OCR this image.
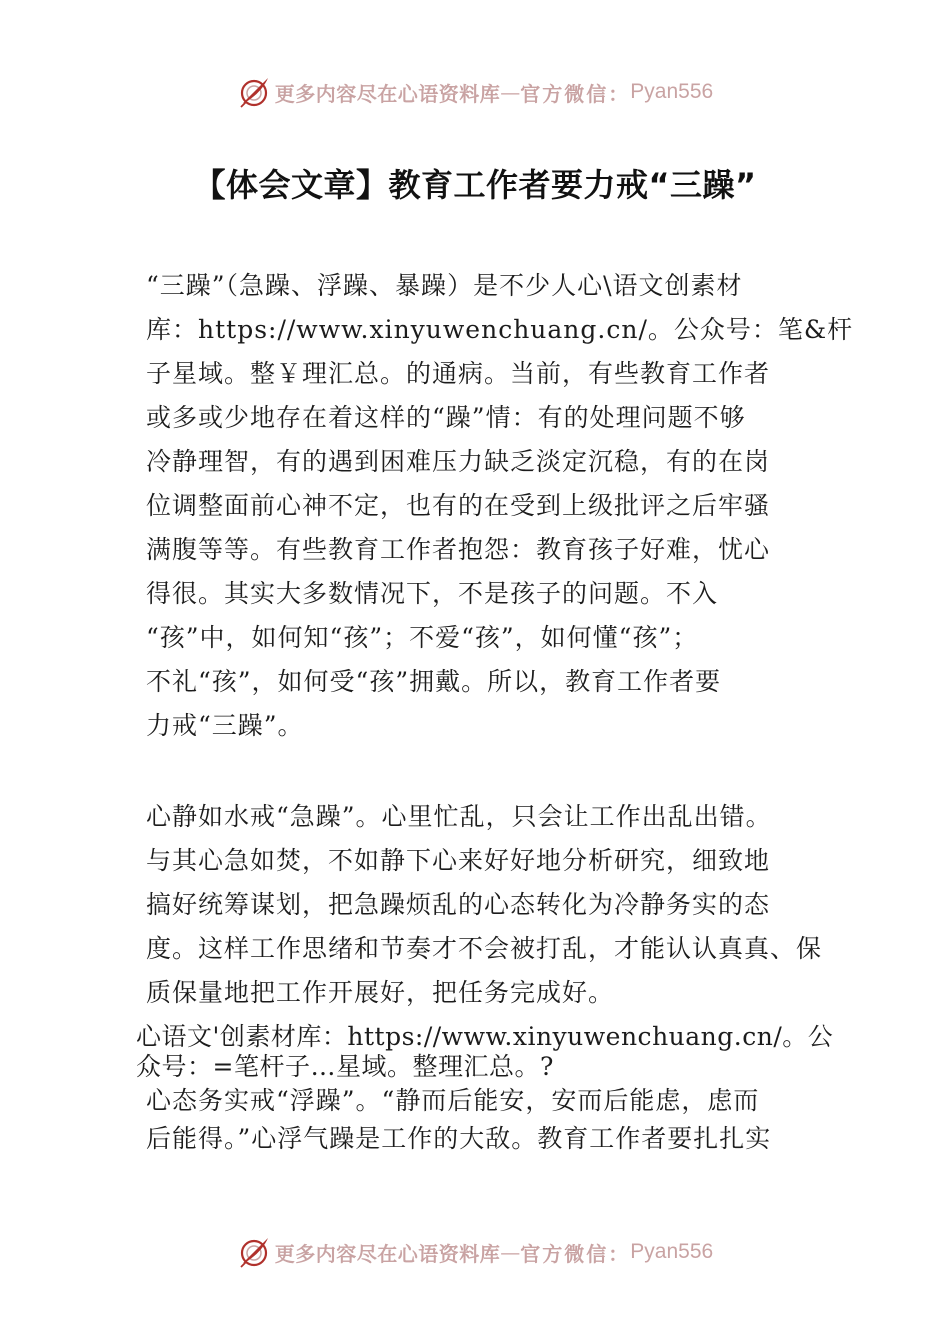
更多内容尽在心语资料库 — 官方微信： Pyan556
【体会文章】教育工作者要力戒“三躁”

“三躁”（急躁、浮躁、暴躁）是不少人心\语文创素材
库：https://www.xinyuwenchuang.cn/。公众号：笔&杆
子星域。整￥理汇总。的通病。当前，有些教育工作者
或多或少地存在着这样的“躁”情：有的处理问题不够
冷静理智，有的遇到困难压力缺乏淡定沉稳，有的在岗
位调整面前心神不定，也有的在受到上级批评之后牢骚
满腹等等。有些教育工作者抱怨：教育孩子好难，忧心
得很。其实大多数情况下，不是孩子的问题。不入
“孩”中，如何知“孩”；不爱“孩”，如何懂“孩”；
不礼“孩”，如何受“孩”拥戴。所以，教育工作者要
力戒“三躁”。

心静如水戒“急躁”。心里忙乱，只会让工作出乱出错。
与其心急如焚，不如静下心来好好地分析研究，细致地
搞好统筹谋划，把急躁烦乱的心态转化为冷静务实的态
度。这样工作思绪和节奏才不会被打乱，才能认认真真、保
质保量地把工作开展好，把任务完成好。

心语文'创素材库：https://www.xinyuwenchuang.cn/。公
众号：=笔杆子…星域。整理汇总。?

心态务实戒“浮躁”。“静而后能安，安而后能虑，虑而
后能得。”心浮气躁是工作的大敌。教育工作者要扎扎实

更多内容尽在心语资料库 — 官方微信： Pyan556
